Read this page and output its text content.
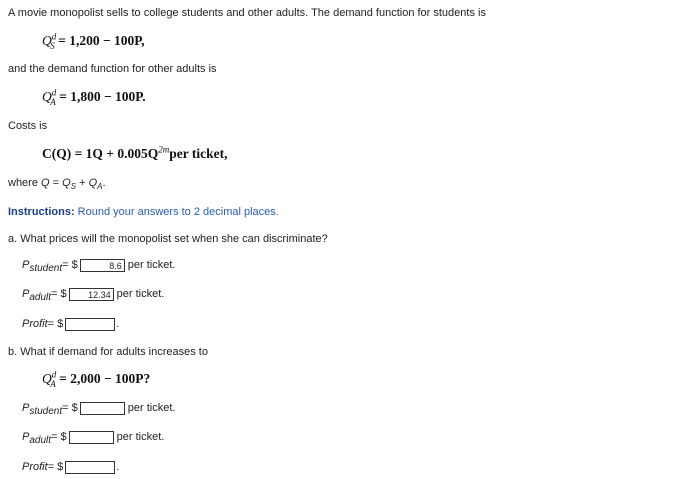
A movie monopolist sells to college students and other adults. The demand function for students is
$Q^d_S = 1,200 - 100P$,
and the demand function for other adults is
$Q^d_A = 1,800 - 100P$.
Costs is
$C(Q) = 1Q + 0.005Q^{2m}per$ ticket,
where $Q = Q_S + Q_A$.
Instructions: Round your answers to 2 decimal places.
a. What prices will the monopolist set when she can discriminate?
$P_{student}$ = $	8.6 per ticket.
$P_{adult}$ = $	12.34 per ticket.
Profit = $	.
b. What if demand for adults increases to
$Q^d_A = 2,000 - 100P$?
$P_{student}$ = $	per ticket.
$P_{adult}$ = $	per ticket.
Profit = $	.
